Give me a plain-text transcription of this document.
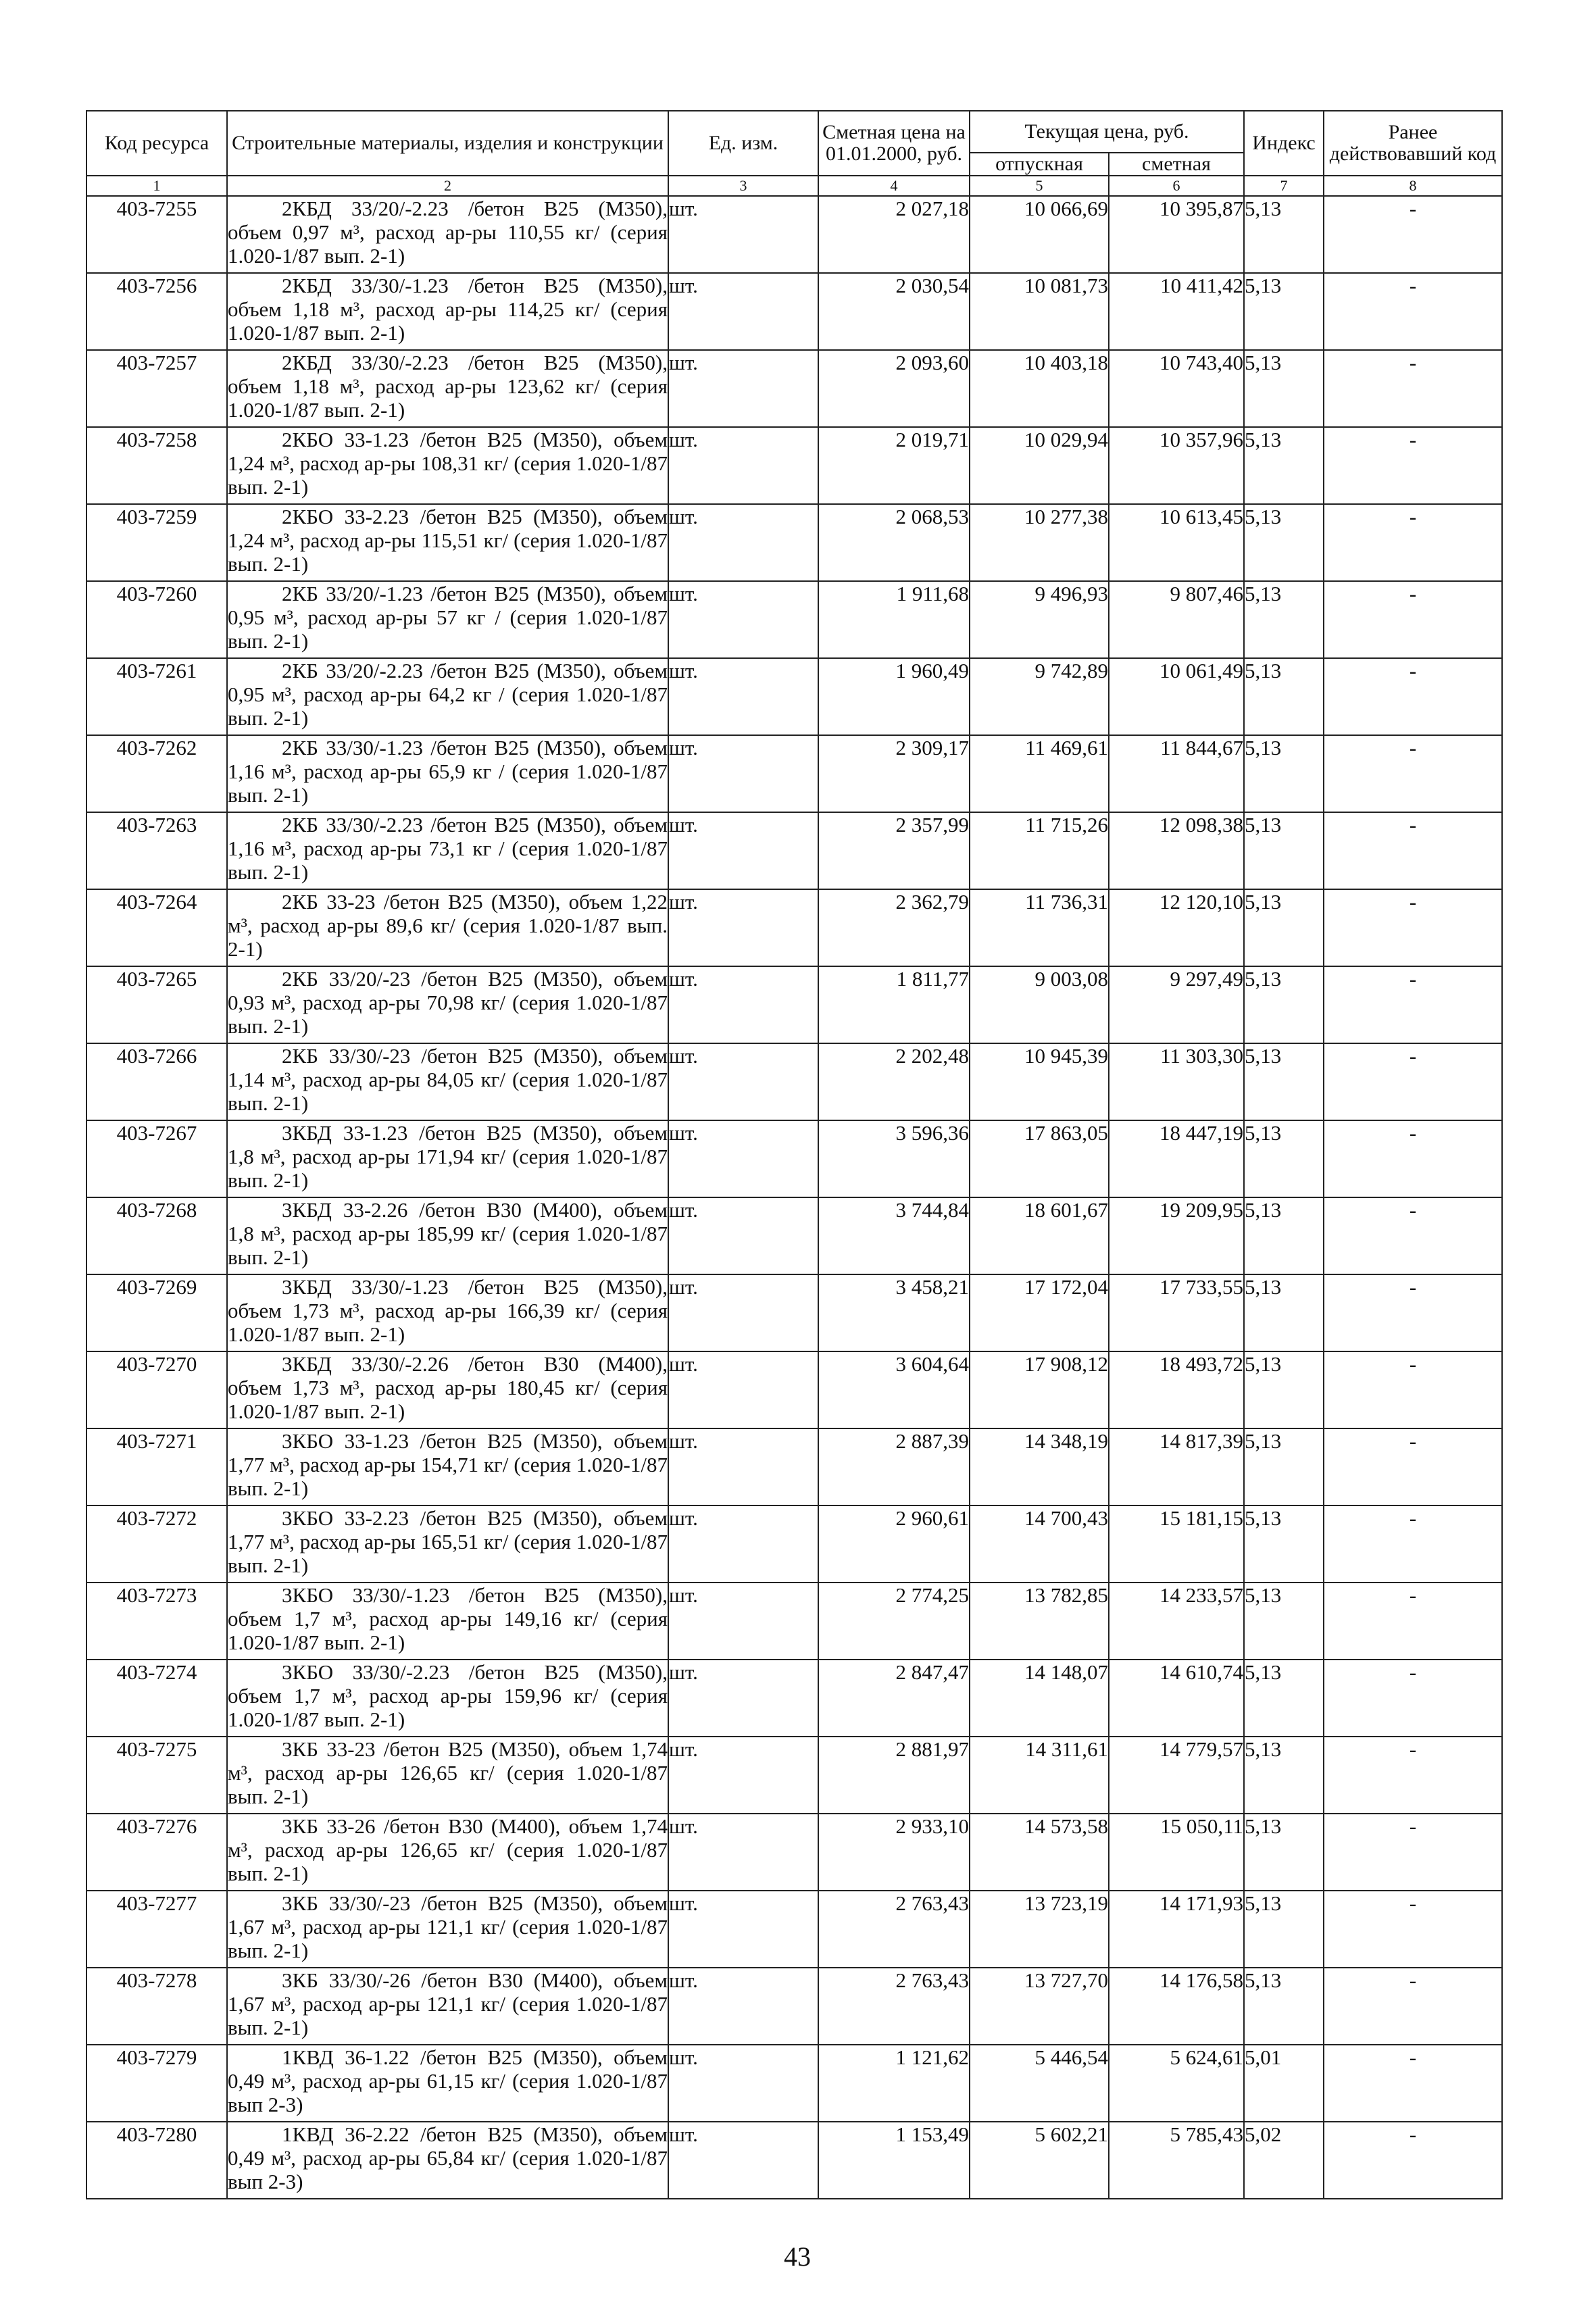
Код ресурса	Строительные материалы, изделия и конструкции	Ед. изм.	Сметная цена на 01.01.2000, руб.	Текущая цена, руб.		Индекс	Ранее действовавший код
				отпускная	сметная		
1	2	3	4	5	6	7	8
403-7255	2КБД 33/20/-2.23 /бетон В25 (М350), объем 0,97 м³, расход ар-ры 110,55 кг/ (серия 1.020-1/87 вып. 2-1)	шт.	2 027,18	10 066,69	10 395,87	5,13	-
403-7256	2КБД 33/30/-1.23 /бетон В25 (М350), объем 1,18 м³, расход ар-ры 114,25 кг/ (серия 1.020-1/87 вып. 2-1)	шт.	2 030,54	10 081,73	10 411,42	5,13	-
403-7257	2КБД 33/30/-2.23 /бетон В25 (М350), объем 1,18 м³, расход ар-ры 123,62 кг/ (серия 1.020-1/87 вып. 2-1)	шт.	2 093,60	10 403,18	10 743,40	5,13	-
403-7258	2КБО 33-1.23 /бетон В25 (М350), объем 1,24 м³, расход ар-ры 108,31 кг/ (серия 1.020-1/87 вып. 2-1)	шт.	2 019,71	10 029,94	10 357,96	5,13	-
403-7259	2КБО 33-2.23 /бетон В25 (М350), объем 1,24 м³, расход ар-ры 115,51 кг/ (серия 1.020-1/87 вып. 2-1)	шт.	2 068,53	10 277,38	10 613,45	5,13	-
403-7260	2КБ 33/20/-1.23 /бетон В25 (М350), объем 0,95 м³, расход ар-ры 57 кг / (серия 1.020-1/87 вып. 2-1)	шт.	1 911,68	9 496,93	9 807,46	5,13	-
403-7261	2КБ 33/20/-2.23 /бетон В25 (М350), объем 0,95 м³, расход ар-ры 64,2 кг / (серия 1.020-1/87 вып. 2-1)	шт.	1 960,49	9 742,89	10 061,49	5,13	-
403-7262	2КБ 33/30/-1.23 /бетон В25 (М350), объем 1,16 м³, расход ар-ры 65,9 кг / (серия 1.020-1/87 вып. 2-1)	шт.	2 309,17	11 469,61	11 844,67	5,13	-
403-7263	2КБ 33/30/-2.23 /бетон В25 (М350), объем 1,16 м³, расход ар-ры 73,1 кг / (серия 1.020-1/87 вып. 2-1)	шт.	2 357,99	11 715,26	12 098,38	5,13	-
403-7264	2КБ 33-23 /бетон В25 (М350), объем 1,22 м³, расход ар-ры 89,6 кг/ (серия 1.020-1/87 вып. 2-1)	шт.	2 362,79	11 736,31	12 120,10	5,13	-
403-7265	2КБ 33/20/-23 /бетон В25 (М350), объем 0,93 м³, расход ар-ры 70,98 кг/ (серия 1.020-1/87 вып. 2-1)	шт.	1 811,77	9 003,08	9 297,49	5,13	-
403-7266	2КБ 33/30/-23 /бетон В25 (М350), объем 1,14 м³, расход ар-ры 84,05 кг/ (серия 1.020-1/87 вып. 2-1)	шт.	2 202,48	10 945,39	11 303,30	5,13	-
403-7267	3КБД 33-1.23 /бетон В25 (М350), объем 1,8 м³, расход ар-ры 171,94 кг/ (серия 1.020-1/87 вып. 2-1)	шт.	3 596,36	17 863,05	18 447,19	5,13	-
403-7268	3КБД 33-2.26 /бетон В30 (М400), объем 1,8 м³, расход ар-ры 185,99 кг/ (серия 1.020-1/87 вып. 2-1)	шт.	3 744,84	18 601,67	19 209,95	5,13	-
403-7269	3КБД 33/30/-1.23 /бетон В25 (М350), объем 1,73 м³, расход ар-ры 166,39 кг/ (серия 1.020-1/87 вып. 2-1)	шт.	3 458,21	17 172,04	17 733,55	5,13	-
403-7270	3КБД 33/30/-2.26 /бетон В30 (М400), объем 1,73 м³, расход ар-ры 180,45 кг/ (серия 1.020-1/87 вып. 2-1)	шт.	3 604,64	17 908,12	18 493,72	5,13	-
403-7271	3КБО 33-1.23 /бетон В25 (М350), объем 1,77 м³, расход ар-ры 154,71 кг/ (серия 1.020-1/87 вып. 2-1)	шт.	2 887,39	14 348,19	14 817,39	5,13	-
403-7272	3КБО 33-2.23 /бетон В25 (М350), объем 1,77 м³, расход ар-ры 165,51 кг/ (серия 1.020-1/87 вып. 2-1)	шт.	2 960,61	14 700,43	15 181,15	5,13	-
403-7273	3КБО 33/30/-1.23 /бетон В25 (М350), объем 1,7 м³, расход ар-ры 149,16 кг/ (серия 1.020-1/87 вып. 2-1)	шт.	2 774,25	13 782,85	14 233,57	5,13	-
403-7274	3КБО 33/30/-2.23 /бетон В25 (М350), объем 1,7 м³, расход ар-ры 159,96 кг/ (серия 1.020-1/87 вып. 2-1)	шт.	2 847,47	14 148,07	14 610,74	5,13	-
403-7275	3КБ 33-23 /бетон В25 (М350), объем 1,74 м³, расход ар-ры 126,65 кг/ (серия 1.020-1/87 вып. 2-1)	шт.	2 881,97	14 311,61	14 779,57	5,13	-
403-7276	3КБ 33-26 /бетон В30 (М400), объем 1,74 м³, расход ар-ры 126,65 кг/ (серия 1.020-1/87 вып. 2-1)	шт.	2 933,10	14 573,58	15 050,11	5,13	-
403-7277	3КБ 33/30/-23 /бетон В25 (М350), объем 1,67 м³, расход ар-ры 121,1 кг/ (серия 1.020-1/87 вып. 2-1)	шт.	2 763,43	13 723,19	14 171,93	5,13	-
403-7278	3КБ 33/30/-26 /бетон В30 (М400), объем 1,67 м³, расход ар-ры 121,1 кг/ (серия 1.020-1/87 вып. 2-1)	шт.	2 763,43	13 727,70	14 176,58	5,13	-
403-7279	1КВД 36-1.22 /бетон В25 (М350), объем 0,49 м³, расход ар-ры 61,15 кг/ (серия 1.020-1/87 вып 2-3)	шт.	1 121,62	5 446,54	5 624,61	5,01	-
403-7280	1КВД 36-2.22 /бетон В25 (М350), объем 0,49 м³, расход ар-ры 65,84 кг/ (серия 1.020-1/87 вып 2-3)	шт.	1 153,49	5 602,21	5 785,43	5,02	-
43
